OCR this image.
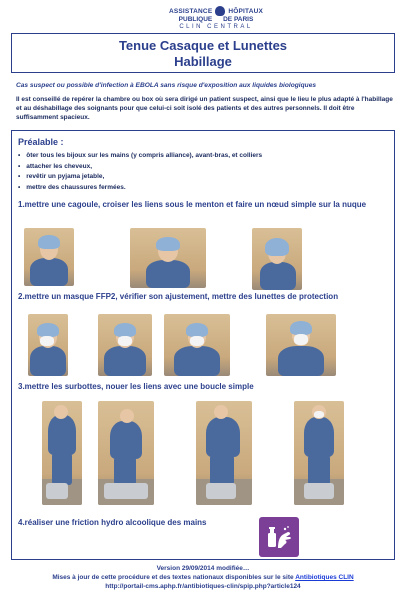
ASSISTANCE HÔPITAUX
PUBLIQUE DE PARIS
CLIN CENTRAL
Tenue Casaque et Lunettes
Habillage
Cas suspect ou possible d'infection à EBOLA sans risque d'exposition aux liquides biologiques
Il est conseillé de repérer la chambre ou box où sera dirigé un patient suspect, ainsi que le lieu le plus adapté à l'habillage et au déshabillage des soignants pour que celui-ci soit isolé des patients et des autres personnels. Il doit être suffisamment spacieux.
Préalable :
• ôter tous les bijoux sur les mains (y compris alliance), avant-bras, et colliers
• attacher les cheveux,
• revêtir un pyjama jetable,
• mettre des chaussures fermées.
1.mettre une cagoule, croiser les liens sous le menton et faire un nœud simple sur la nuque
2.mettre un masque FFP2, vérifier son ajustement, mettre des lunettes de protection
3.mettre les surbottes, nouer les liens avec une boucle simple
4.réaliser une friction hydro alcoolique des mains
Version 29/09/2014 modifiée…
Mises à jour de cette procédure et des textes nationaux disponibles sur le site Antibiotiques CLIN
http://portail-cms.aphp.fr/antibiotiques-clin/spip.php?article124
